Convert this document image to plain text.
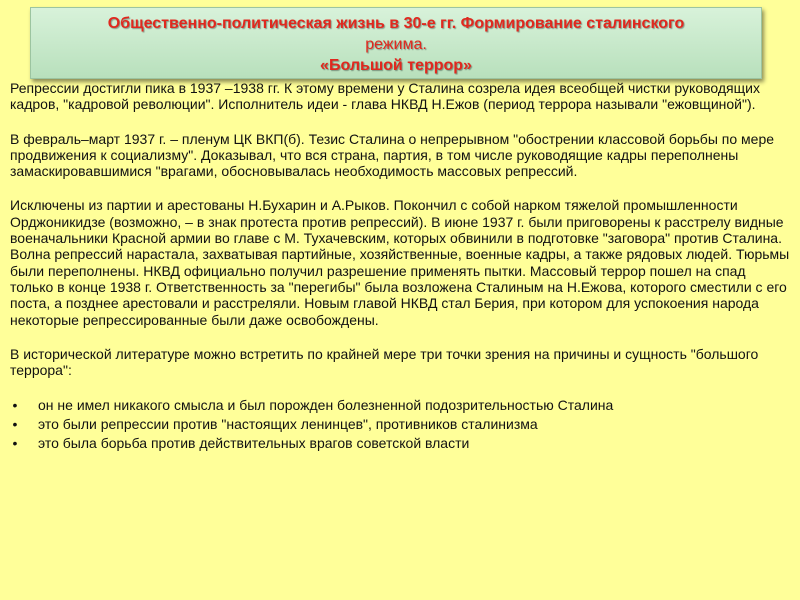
Общественно-политическая жизнь в 30-е гг. Формирование сталинского
режима.
«Большой террор»

Репрессии достигли пика в 1937 –1938 гг. К этому времени у Сталина созрела идея всеобщей чистки руководящих кадров, "кадровой революции". Исполнитель идеи - глава НКВД Н.Ежов (период террора называли "ежовщиной").

В февраль–март 1937 г. – пленум ЦК ВКП(б). Тезис Сталина о непрерывном "обострении классовой борьбы по мере продвижения к социализму". Доказывал, что вся страна, партия, в том числе руководящие кадры переполнены замаскировавшимися "врагами, обосновывалась необходимость массовых репрессий.

Исключены из партии и арестованы Н.Бухарин и А.Рыков. Покончил с собой нарком тяжелой промышленности Орджоникидзе (возможно, – в знак протеста против репрессий). В июне 1937 г. были приговорены к расстрелу видные военачальники Красной армии во главе с М. Тухачевским, которых обвинили в подготовке "заговора" против Сталина. Волна репрессий нарастала, захватывая партийные, хозяйственные, военные кадры, а также рядовых людей. Тюрьмы были переполнены. НКВД официально получил разрешение применять пытки. Массовый террор пошел на спад только в конце 1938 г. Ответственность за "перегибы" была возложена Сталиным на Н.Ежова, которого сместили с его поста, а позднее арестовали и расстреляли. Новым главой НКВД стал Берия, при котором для успокоения народа некоторые репрессированные были даже освобождены.

В исторической литературе можно встретить по крайней мере три точки зрения на причины и сущность "большого террора":

• он не имел никакого смысла и был порожден болезненной подозрительностью Сталина
• это были репрессии против "настоящих ленинцев", противников сталинизма
• это была борьба против действительных врагов советской власти
